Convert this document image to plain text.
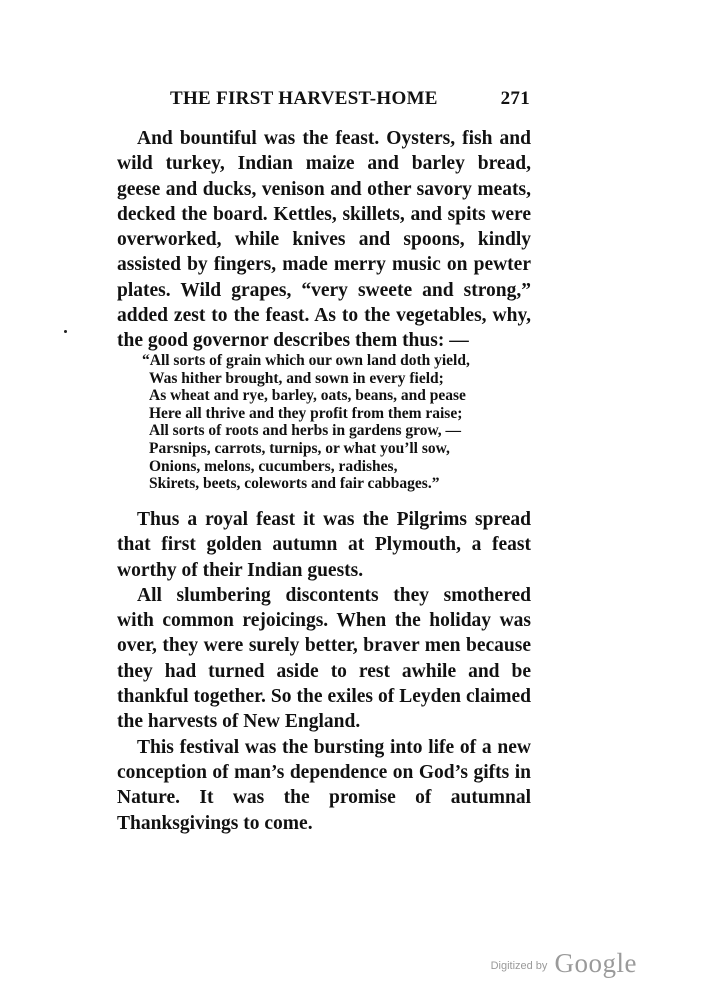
THE FIRST HARVEST-HOME	271

And bountiful was the feast. Oysters, fish and wild turkey, Indian maize and barley bread, geese and ducks, venison and other savory meats, decked the board. Kettles, skillets, and spits were overworked, while knives and spoons, kindly assisted by fingers, made merry music on pewter plates. Wild grapes, “very sweete and strong,” added zest to the feast. As to the vegetables, why, the good governor describes them thus: —

“All sorts of grain which our own land doth yield,
Was hither brought, and sown in every field;
As wheat and rye, barley, oats, beans, and pease
Here all thrive and they profit from them raise;
All sorts of roots and herbs in gardens grow, —
Parsnips, carrots, turnips, or what you’ll sow,
Onions, melons, cucumbers, radishes,
Skirets, beets, coleworts and fair cabbages.”

Thus a royal feast it was the Pilgrims spread that first golden autumn at Plymouth, a feast worthy of their Indian guests.

All slumbering discontents they smothered with common rejoicings. When the holiday was over, they were surely better, braver men because they had turned aside to rest awhile and be thankful together. So the exiles of Leyden claimed the harvests of New England.

This festival was the bursting into life of a new conception of man’s dependence on God’s gifts in Nature. It was the promise of autumnal Thanksgivings to come.

Digitized by Google
